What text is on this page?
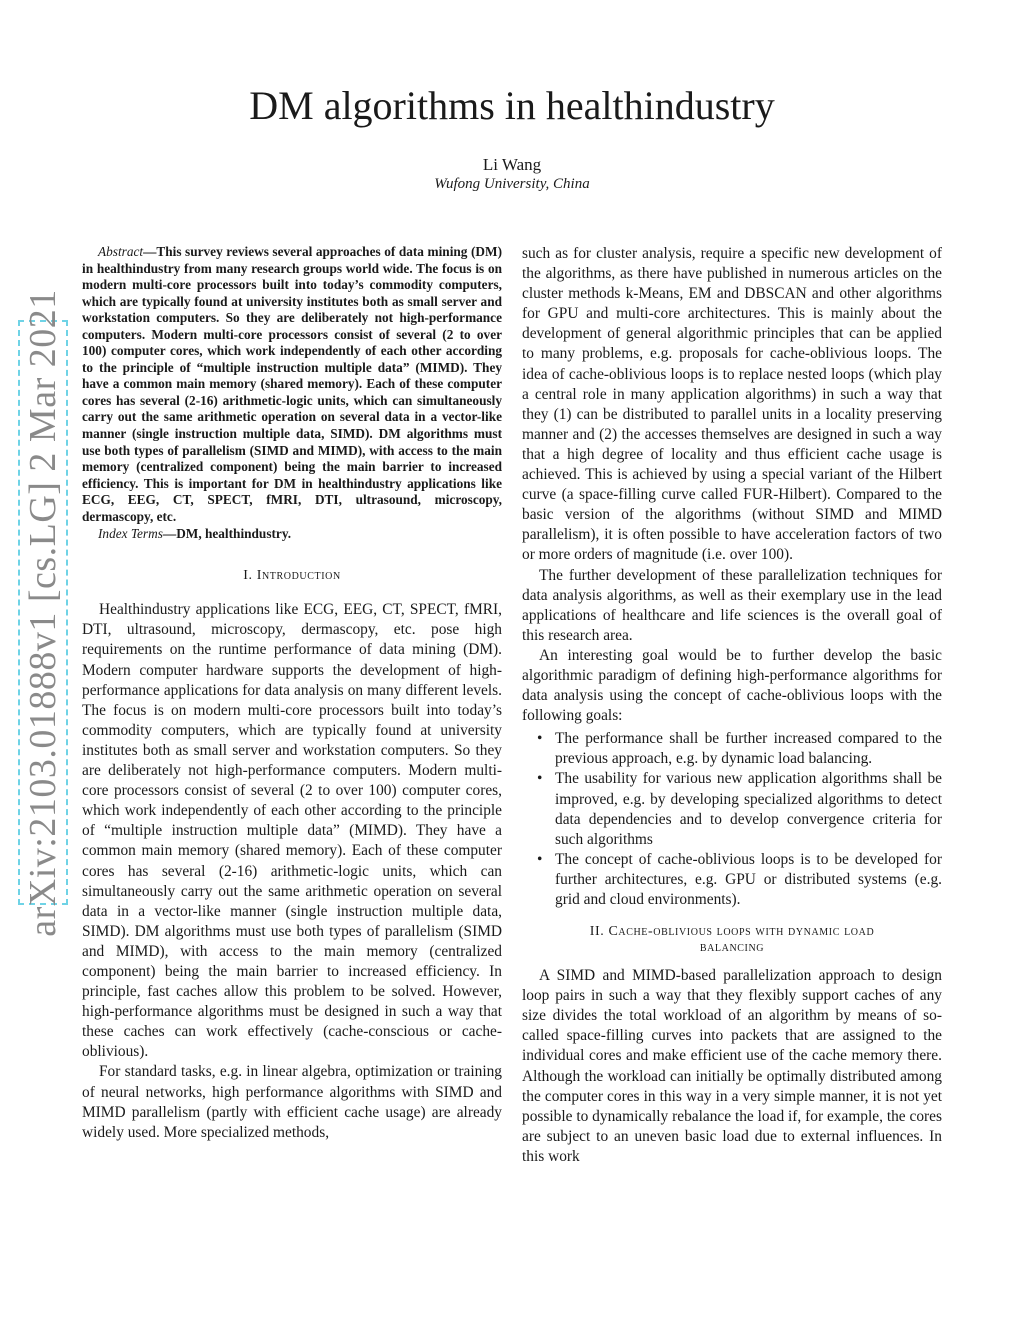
arXiv:2103.01888v1 [cs.LG] 2 Mar 2021
DM algorithms in healthindustry
Li Wang
Wufong University, China

Abstract—This survey reviews several approaches of data mining (DM) in healthindustry from many research groups world wide. The focus is on modern multi-core processors built into today’s commodity computers, which are typically found at university institutes both as small server and workstation computers. So they are deliberately not high-performance computers. Modern multi-core processors consist of several (2 to over 100) computer cores, which work independently of each other according to the principle of “multiple instruction multiple data” (MIMD). They have a common main memory (shared memory). Each of these computer cores has several (2-16) arithmetic-logic units, which can simultaneously carry out the same arithmetic operation on several data in a vector-like manner (single instruction multiple data, SIMD). DM algorithms must use both types of parallelism (SIMD and MIMD), with access to the main memory (centralized component) being the main barrier to increased efficiency. This is important for DM in healthindustry applications like ECG, EEG, CT, SPECT, fMRI, DTI, ultrasound, microscopy, dermascopy, etc.

Index Terms—DM, healthindustry.

I. Introduction

Healthindustry applications like ECG, EEG, CT, SPECT, fMRI, DTI, ultrasound, microscopy, dermascopy, etc. pose high requirements on the runtime performance of data mining (DM). Modern computer hardware supports the development of high-performance applications for data analysis on many different levels. The focus is on modern multi-core processors built into today’s commodity computers, which are typically found at university institutes both as small server and workstation computers. So they are deliberately not high-performance computers. Modern multi-core processors consist of several (2 to over 100) computer cores, which work independently of each other according to the principle of “multiple instruction multiple data” (MIMD). They have a common main memory (shared memory). Each of these computer cores has several (2-16) arithmetic-logic units, which can simultaneously carry out the same arithmetic operation on several data in a vector-like manner (single instruction multiple data, SIMD). DM algorithms must use both types of parallelism (SIMD and MIMD), with access to the main memory (centralized component) being the main barrier to increased efficiency. In principle, fast caches allow this problem to be solved. However, high-performance algorithms must be designed in such a way that these caches can work effectively (cache-conscious or cache-oblivious).

For standard tasks, e.g. in linear algebra, optimization or training of neural networks, high performance algorithms with SIMD and MIMD parallelism (partly with efficient cache usage) are already widely used. More specialized methods,

such as for cluster analysis, require a specific new development of the algorithms, as there have published in numerous articles on the cluster methods k-Means, EM and DBSCAN and other algorithms for GPU and multi-core architectures. This is mainly about the development of general algorithmic principles that can be applied to many problems, e.g. proposals for cache-oblivious loops. The idea of cache-oblivious loops is to replace nested loops (which play a central role in many application algorithms) in such a way that they (1) can be distributed to parallel units in a locality preserving manner and (2) the accesses themselves are designed in such a way that a high degree of locality and thus efficient cache usage is achieved. This is achieved by using a special variant of the Hilbert curve (a space-filling curve called FUR-Hilbert). Compared to the basic version of the algorithms (without SIMD and MIMD parallelism), it is often possible to have acceleration factors of two or more orders of magnitude (i.e. over 100).

The further development of these parallelization techniques for data analysis algorithms, as well as their exemplary use in the lead applications of healthcare and life sciences is the overall goal of this research area.

An interesting goal would be to further develop the basic algorithmic paradigm of defining high-performance algorithms for data analysis using the concept of cache-oblivious loops with the following goals:

• The performance shall be further increased compared to the previous approach, e.g. by dynamic load balancing.
• The usability for various new application algorithms shall be improved, e.g. by developing specialized algorithms to detect data dependencies and to develop convergence criteria for such algorithms
• The concept of cache-oblivious loops is to be developed for further architectures, e.g. GPU or distributed systems (e.g. grid and cloud environments).

II. Cache-oblivious loops with dynamic load
balancing

A SIMD and MIMD-based parallelization approach to design loop pairs in such a way that they flexibly support caches of any size divides the total workload of an algorithm by means of so-called space-filling curves into packets that are assigned to the individual cores and make efficient use of the cache memory there. Although the workload can initially be optimally distributed among the computer cores in this way in a very simple manner, it is not yet possible to dynamically rebalance the load if, for example, the cores are subject to an uneven basic load due to external influences. In this work
